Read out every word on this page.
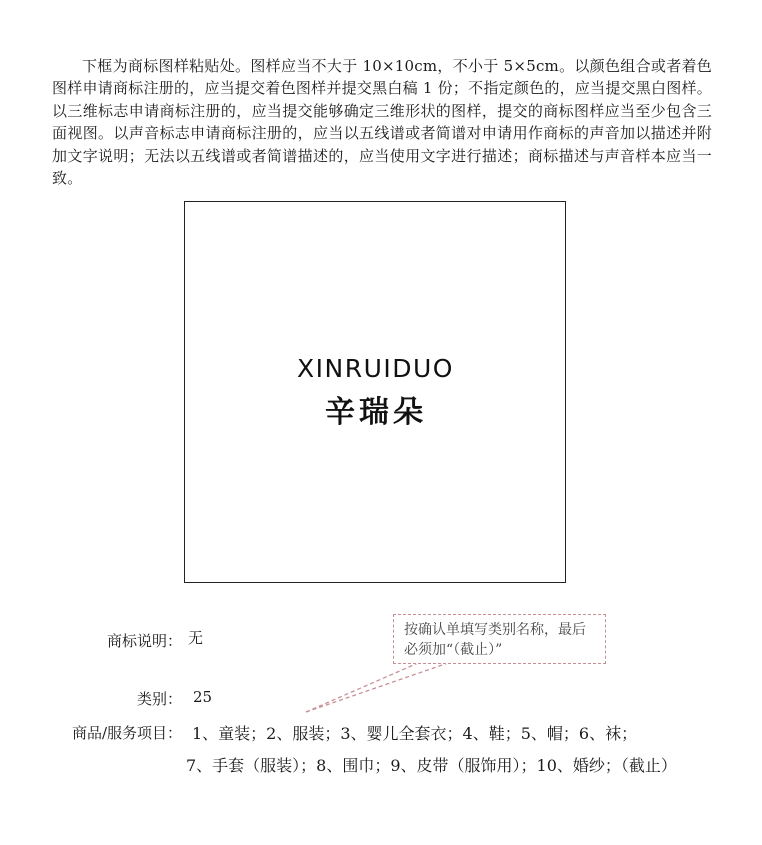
下框为商标图样粘贴处。图样应当不大于 10×10cm，不小于 5×5cm。以颜色组合或者着色图样申请商标注册的，应当提交着色图样并提交黑白稿 1 份；不指定颜色的，应当提交黑白图样。以三维标志申请商标注册的，应当提交能够确定三维形状的图样，提交的商标图样应当至少包含三面视图。以声音标志申请商标注册的，应当以五线谱或者简谱对申请用作商标的声音加以描述并附加文字说明；无法以五线谱或者简谱描述的，应当使用文字进行描述；商标描述与声音样本应当一致。

XINRUIDUO
辛瑞朵
商标说明： 无
类别： 25
商品/服务项目： 1、童装；2、服装；3、婴儿全套衣；4、鞋；5、帽；6、袜；
7、手套（服装）；8、围巾；9、皮带（服饰用）；10、婚纱；（截止）
按确认单填写类别名称，最后必须加“（截止）”
